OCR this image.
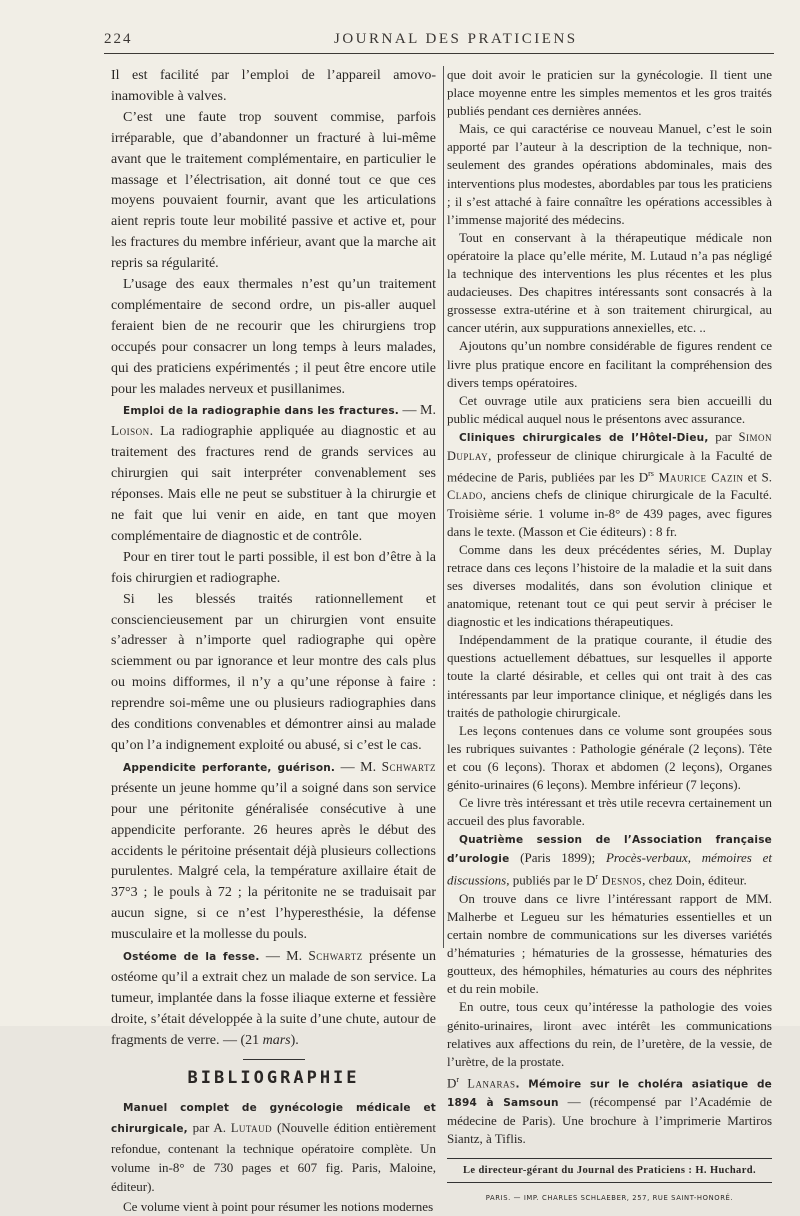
224	JOURNAL DES PRATICIENS

Il est facilité par l’emploi de l’appareil amovo-inamovible à valves.

C’est une faute trop souvent commise, parfois irréparable, que d’abandonner un fracturé à lui-même avant que le traitement complémentaire, en particulier le massage et l’électrisation, ait donné tout ce que ces moyens pouvaient fournir, avant que les articulations aient repris toute leur mobilité passive et active et, pour les fractures du membre inférieur, avant que la marche ait repris sa régularité.

L’usage des eaux thermales n’est qu’un traitement complémentaire de second ordre, un pis-aller auquel feraient bien de ne recourir que les chirurgiens trop occupés pour consacrer un long temps à leurs malades, qui des praticiens expérimentés ; il peut être encore utile pour les malades nerveux et pusillanimes.

Emploi de la radiographie dans les fractures. — M. Loison. La radiographie appliquée au diagnostic et au traitement des fractures rend de grands services au chirurgien qui sait interpréter convenablement ses réponses. Mais elle ne peut se substituer à la chirurgie et ne fait que lui venir en aide, en tant que moyen complémentaire de diagnostic et de contrôle.

Pour en tirer tout le parti possible, il est bon d’être à la fois chirurgien et radiographe.

Si les blessés traités rationnellement et consciencieusement par un chirurgien vont ensuite s’adresser à n’importe quel radiographe qui opère sciemment ou par ignorance et leur montre des cals plus ou moins difformes, il n’y a qu’une réponse à faire : reprendre soi-même une ou plusieurs radiographies dans des conditions convenables et démontrer ainsi au malade qu’on l’a indignement exploité ou abusé, si c’est le cas.

Appendicite perforante, guérison. — M. Schwartz présente un jeune homme qu’il a soigné dans son service pour une péritonite généralisée consécutive à une appendicite perforante. 26 heures après le début des accidents le péritoine présentait déjà plusieurs collections purulentes. Malgré cela, la température axillaire était de 37°3 ; le pouls à 72 ; la péritonite ne se traduisait par aucun signe, si ce n’est l’hyperesthésie, la défense musculaire et la mollesse du pouls.

Ostéome de la fesse. — M. Schwartz présente un ostéome qu’il a extrait chez un malade de son service. La tumeur, implantée dans la fosse iliaque externe et fessière droite, s’était développée à la suite d’une chute, autour de fragments de verre. — (21 mars).

BIBLIOGRAPHIE

Manuel complet de gynécologie médicale et chirurgicale, par A. Lutaud (Nouvelle édition entièrement refondue, contenant la technique opératoire complète. Un volume in-8° de 730 pages et 607 fig. Paris, Maloine, éditeur).

Ce volume vient à point pour résumer les notions modernes

que doit avoir le praticien sur la gynécologie. Il tient une place moyenne entre les simples mementos et les gros traités publiés pendant ces dernières années.

Mais, ce qui caractérise ce nouveau Manuel, c’est le soin apporté par l’auteur à la description de la technique, non-seulement des grandes opérations abdominales, mais des interventions plus modestes, abordables par tous les praticiens ; il s’est attaché à faire connaître les opérations accessibles à l’immense majorité des médecins.

Tout en conservant à la thérapeutique médicale non opératoire la place qu’elle mérite, M. Lutaud n’a pas négligé la technique des interventions les plus récentes et les plus audacieuses. Des chapitres intéressants sont consacrés à la grossesse extra-utérine et à son traitement chirurgical, au cancer utérin, aux suppurations annexielles, etc. ..

Ajoutons qu’un nombre considérable de figures rendent ce livre plus pratique encore en facilitant la compréhension des divers temps opératoires.

Cet ouvrage utile aux praticiens sera bien accueilli du public médical auquel nous le présentons avec assurance.

Cliniques chirurgicales de l’Hôtel-Dieu, par Simon Duplay, professeur de clinique chirurgicale à la Faculté de médecine de Paris, publiées par les $D^{rs}$ Maurice Cazin et S. Clado, anciens chefs de clinique chirurgicale de la Faculté. Troisième série. 1 volume in-8° de 439 pages, avec figures dans le texte. (Masson et Cie éditeurs) : 8 fr.

Comme dans les deux précédentes séries, M. Duplay retrace dans ces leçons l’histoire de la maladie et la suit dans ses diverses modalités, dans son évolution clinique et anatomique, retenant tout ce qui peut servir à préciser le diagnostic et les indications thérapeutiques.

Indépendamment de la pratique courante, il étudie des questions actuellement débattues, sur lesquelles il apporte toute la clarté désirable, et celles qui ont trait à des cas intéressants par leur importance clinique, et négligés dans les traités de pathologie chirurgicale.

Les leçons contenues dans ce volume sont groupées sous les rubriques suivantes : Pathologie générale (2 leçons). Tête et cou (6 leçons). Thorax et abdomen (2 leçons), Organes génito-urinaires (6 leçons). Membre inférieur (7 leçons).

Ce livre très intéressant et très utile recevra certainement un accueil des plus favorable.

Quatrième session de l’Association française d’urologie (Paris 1899); Procès-verbaux, mémoires et discussions, publiés par le $D^r$ Desnos, chez Doin, éditeur.

On trouve dans ce livre l’intéressant rapport de MM. Malherbe et Legueu sur les hématuries essentielles et un certain nombre de communications sur les diverses variétés d’hématuries ; hématuries de la grossesse, hématuries des goutteux, des hémophiles, hématuries au cours des néphrites et du rein mobile.

En outre, tous ceux qu’intéresse la pathologie des voies génito-urinaires, liront avec intérêt les communications relatives aux affections du rein, de l’uretère, de la vessie, de l’urètre, de la prostate.

$D^r$ Lanaras. Mémoire sur le choléra asiatique de 1894 à Samsoun — (récompensé par l’Académie de médecine de Paris). Une brochure à l’imprimerie Martiros Siantz, à Tiflis.

Le directeur-gérant du Journal des Praticiens : H. Huchard.
PARIS. — IMP. CHARLES SCHLAEBER, 257, RUE SAINT-HONORÉ.
